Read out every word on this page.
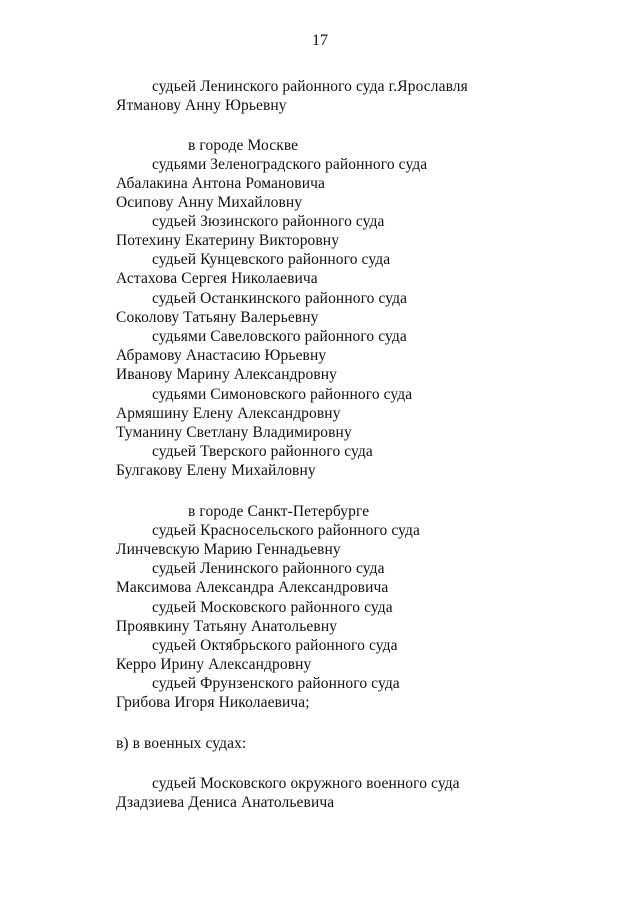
17
судьей Ленинского районного суда г.Ярославля
Ятманову Анну Юрьевну
в городе Москве
судьями Зеленоградского районного суда
Абалакина Антона Романовича
Осипову Анну Михайловну
судьей Зюзинского районного суда
Потехину Екатерину Викторовну
судьей Кунцевского районного суда
Астахова Сергея Николаевича
судьей Останкинского районного суда
Соколову Татьяну Валерьевну
судьями Савеловского районного суда
Абрамову Анастасию Юрьевну
Иванову Марину Александровну
судьями Симоновского районного суда
Армяшину Елену Александровну
Туманину Светлану Владимировну
судьей Тверского районного суда
Булгакову Елену Михайловну
в городе Санкт-Петербурге
судьей Красносельского районного суда
Линчевскую Марию Геннадьевну
судьей Ленинского районного суда
Максимова Александра Александровича
судьей Московского районного суда
Проявкину Татьяну Анатольевну
судьей Октябрьского районного суда
Керро Ирину Александровну
судьей Фрунзенского районного суда
Грибова Игоря Николаевича;
в) в военных судах:
судьей Московского окружного военного суда
Дзадзиева Дениса Анатольевича
